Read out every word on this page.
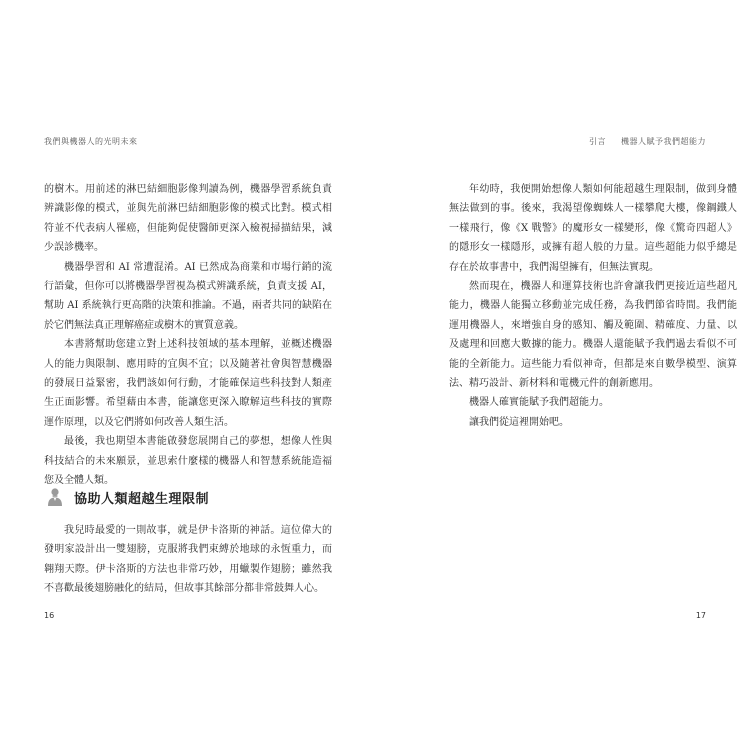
我們與機器人的光明未來

的樹木。用前述的淋巴結細胞影像判讀為例，機器學習系統負責辨識影像的模式，並與先前淋巴結細胞影像的模式比對。模式相符並不代表病人罹癌，但能夠促使醫師更深入檢視掃描結果，減少誤診機率。

機器學習和 AI 常遭混淆。AI 已然成為商業和市場行銷的流行語彙，但你可以將機器學習視為模式辨識系統，負責支援 AI，幫助 AI 系統執行更高階的決策和推論。不過，兩者共同的缺陷在於它們無法真正理解癌症或樹木的實質意義。

本書將幫助您建立對上述科技領域的基本理解，並概述機器人的能力與限制、應用時的宜與不宜；以及隨著社會與智慧機器的發展日益緊密，我們該如何行動，才能確保這些科技對人類產生正面影響。希望藉由本書，能讓您更深入瞭解這些科技的實際運作原理，以及它們將如何改善人類生活。

最後，我也期望本書能啟發您展開自己的夢想，想像人性與科技結合的未來願景，並思索什麼樣的機器人和智慧系統能造福您及全體人類。

協助人類超越生理限制

我兒時最愛的一則故事，就是伊卡洛斯的神話。這位偉大的發明家設計出一雙翅膀，克服將我們束縛於地球的永恆重力，而翱翔天際。伊卡洛斯的方法也非常巧妙，用蠟製作翅膀；雖然我不喜歡最後翅膀融化的結局，但故事其餘部分都非常鼓舞人心。

16
引言 機器人賦予我們超能力

年幼時，我便開始想像人類如何能超越生理限制，做到身體無法做到的事。後來，我渴望像蜘蛛人一樣攀爬大樓，像鋼鐵人一樣飛行，像《X 戰警》的魔形女一樣變形，像《驚奇四超人》的隱形女一樣隱形，或擁有超人般的力量。這些超能力似乎總是存在於故事書中，我們渴望擁有，但無法實現。

然而現在，機器人和運算技術也許會讓我們更接近這些超凡能力，機器人能獨立移動並完成任務，為我們節省時間。我們能運用機器人，來增強自身的感知、觸及範圍、精確度、力量、以及處理和回應大數據的能力。機器人還能賦予我們過去看似不可能的全新能力。這些能力看似神奇，但都是來自數學模型、演算法、精巧設計、新材料和電機元件的創新應用。

機器人確實能賦予我們超能力。

讓我們從這裡開始吧。

17
